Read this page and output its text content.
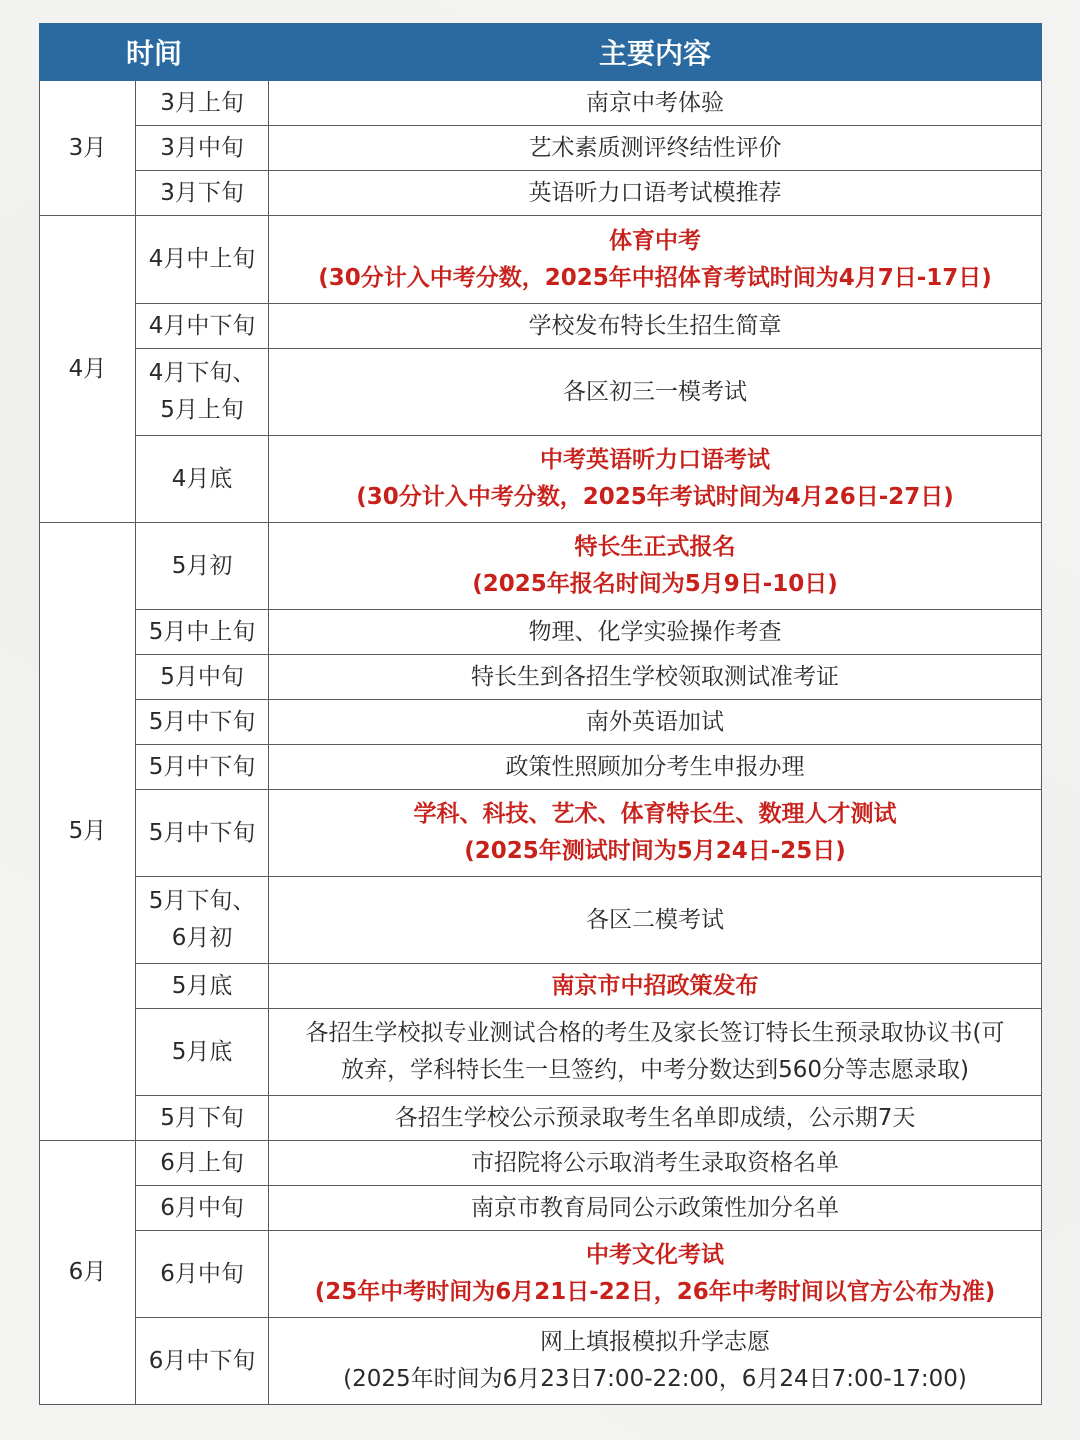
时间		主要内容
3月	3月上旬	南京中考体验

	3月中旬	艺术素质测评终结性评价

	3月下旬	英语听力口语考试模推荐

4月	4月中上旬	体育中考
(30分计入中考分数，2025年中招体育考试时间为4月7日-17日)

	4月中下旬	学校发布特长生招生简章

	4月下旬、
5月上旬	各区初三一模考试

	4月底	中考英语听力口语考试
(30分计入中考分数，2025年考试时间为4月26日-27日)

5月	5月初	特长生正式报名
(2025年报名时间为5月9日-10日)

	5月中上旬	物理、化学实验操作考查

	5月中旬	特长生到各招生学校领取测试准考证

	5月中下旬	南外英语加试

	5月中下旬	政策性照顾加分考生申报办理

	5月中下旬	学科、科技、艺术、体育特长生、数理人才测试
(2025年测试时间为5月24日-25日)

	5月下旬、
6月初	各区二模考试

	5月底	南京市中招政策发布

	5月底	各招生学校拟专业测试合格的考生及家长签订特长生预录取协议书(可
放弃，学科特长生一旦签约，中考分数达到560分等志愿录取)

	5月下旬	各招生学校公示预录取考生名单即成绩，公示期7天

6月	6月上旬	市招院将公示取消考生录取资格名单

	6月中旬	南京市教育局同公示政策性加分名单

	6月中旬	中考文化考试
(25年中考时间为6月21日-22日，26年中考时间以官方公布为准)

	6月中下旬	网上填报模拟升学志愿
(2025年时间为6月23日7:00-22:00，6月24日7:00-17:00)
